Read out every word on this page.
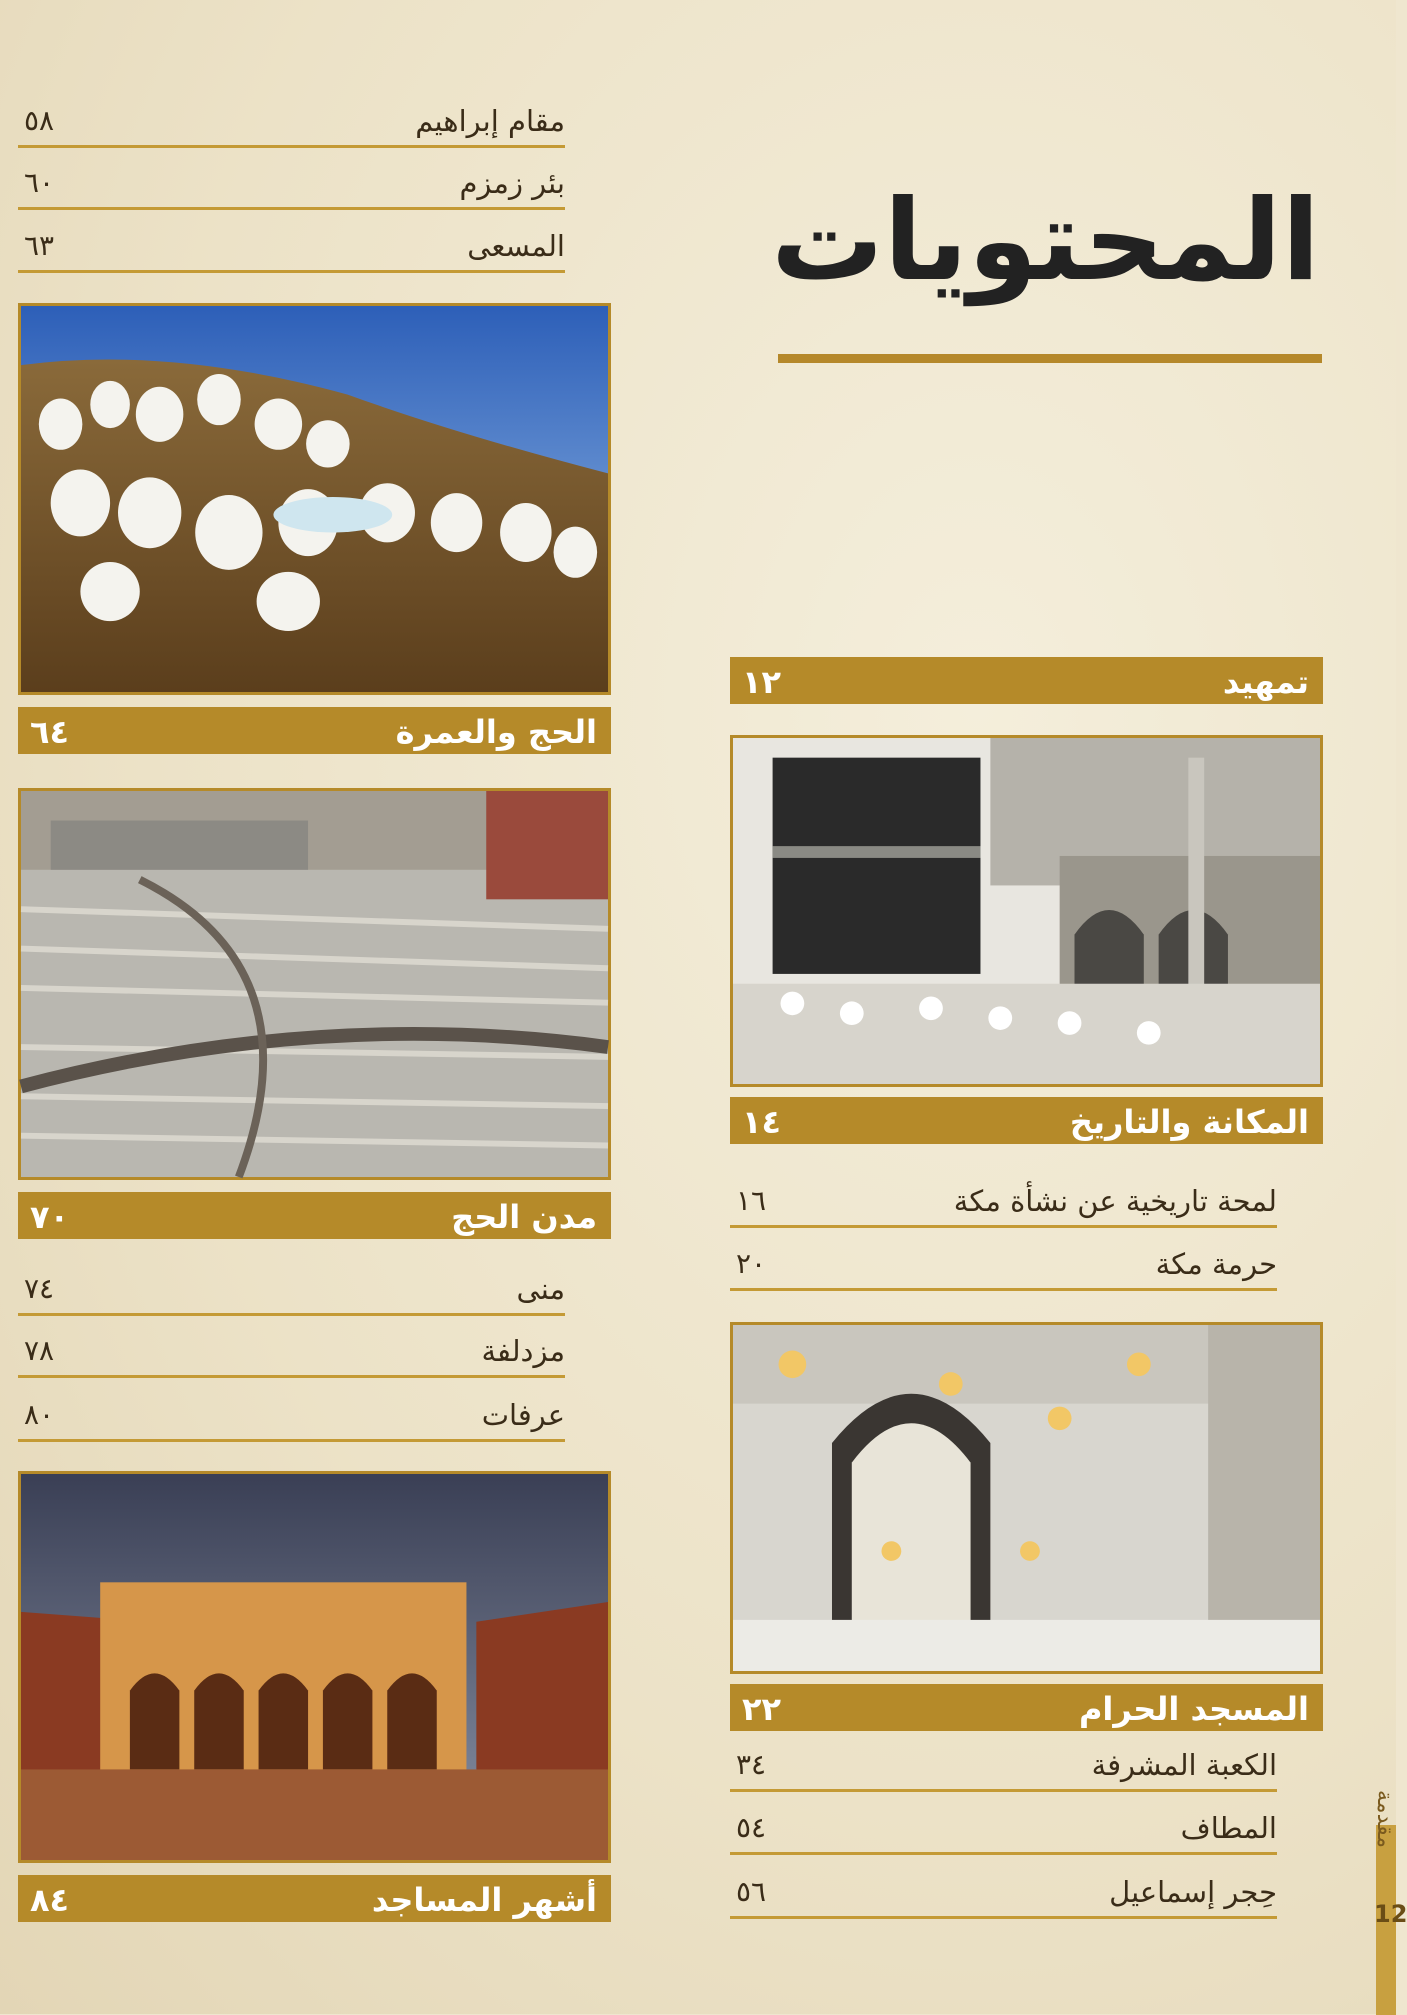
المحتويات
مقام إبراهيم
٥٨
بئر زمزم
٦٠
المسعى
٦٣
الحج والعمرة
٦٤
مدن الحج
٧٠
منى
٧٤
مزدلفة
٧٨
عرفات
٨٠
أشهر المساجد
٨٤
تمهيد
١٢
المكانة والتاريخ
١٤
لمحة تاريخية عن نشأة مكة
١٦
حرمة مكة
٢٠
المسجد الحرام
٢٢
الكعبة المشرفة
٣٤
المطاف
٥٤
حِجر إسماعيل
٥٦
مقدمة
12
